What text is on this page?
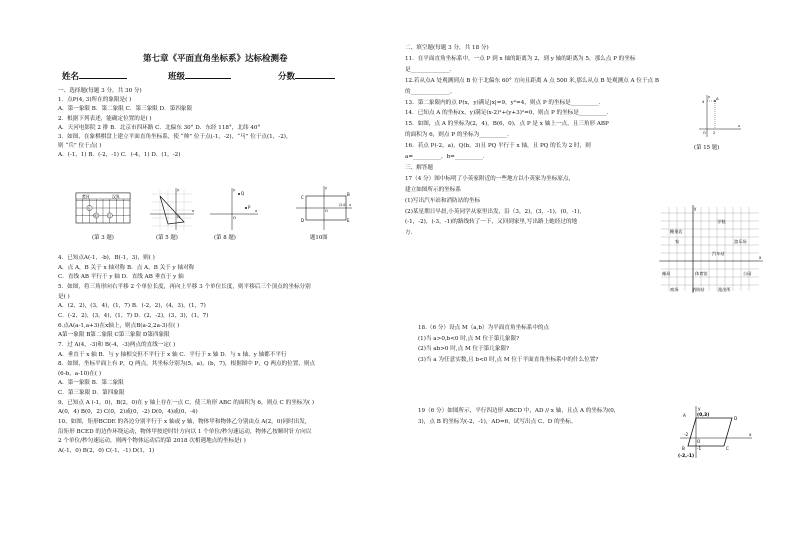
第七章《平面直角坐标系》达标检测卷
姓名	班级	分数
一、选择题(每题 3 分，共 30 分)
1．点P(4, 3)所在的象限是( )
A．第一象限 B．第二象限 C．第三象限 D．第四象限
2．根据下列表述，能确定位置的是( )
A．天河电影院 2 排 B．北京市四环路 C．北偏东 30° D．东经 118°，北纬 40°
3．如图，在象棋棋盘上建立平面直角坐标系，使 “帅” 位于点(-1，-2)，“马” 位于点(1，-2)，
则 “兵” 位于点( )
A．(-1，1) B．(-2，-1) C．(-4，1) D．(1，-2)
楚河	汉界
帅	马
兵
(第 3 题)
O
x
y
(第 5 题)
P
Q
O
x
y
(第 8 题)
C
D	E
B
(2,0)
O
y
x
题10图
4．已知点A(-1，-b)，B(-1，3)，则( )
A．点 A，B 关于 x 轴对称 B．点 A，B 关于 y 轴对称
C．直线 AB 平行于 y 轴 D．直线 AB 垂直于 y 轴
5．如图，将三角形向右平移 2 个单位长度，再向上平移 3 个单位长度，则平移后三个顶点的坐标分别
是( )
A．(2，2)，(3，4)，(1，7) B．(-2，2)，(4，3)，(1，7)
C．(-2，2)，(3，4)，(1，7) D．(2，-2)，(3，3)，(1，7)
6.点A(a-1,a+3)在x轴上，则点B(a-2,2a-3)在( )
A第一象限 B第二象限 C第三象限 D第四象限
7．过 A(4，-3)和 B(-4，-3)两点的直线一定( )
A．垂直于 x 轴 B．与 y 轴相交但不平行于 x 轴 C．平行于 x 轴 D．与 x 轴、y 轴都不平行
8．如图，坐标平面上有 P，Q 两点，其坐标分别为(5，a)，(b，7)，根据图中 P，Q 两点的位置，则点
(6-b，a-10)在( )
A．第一象限 B．第二象限
C．第三象限 D．第四象限
9、已知点 A (-1，0)，B(2，0)在 y 轴上存在一点 C，使三角形 ABC 的面积为 6，则点 C 的坐标为( )
A(0，4) B(0，2) C(0，2)或(0，-2) D(0，4)或(0，-4)
10、如图，矩形BCDE 的各边分别平行于 x 轴或 y 轴，物体甲和物体乙分别由点 A(2，0)同时出发，
沿矩形 BCED 的边作环绕运动，物体甲按逆时针方向以 1 个单位/秒匀速运动，物体乙按顺时针方向以
2 个单位/秒匀速运动，则两个物体运动后的第 2018 次相遇地点的坐标是( )
A(-1，0) B(2，0) C(-1，-1) D(1，1)
二、填空题(每题 3 分，共 18 分)
11．在平面直角坐标系中，一点 P 到 x 轴的距离为 2，到 y 轴的距离为 5，那么点 P 的坐标
是______________．
12.若从点A 处观测到点 B 位于北偏东 60° 方向且距离 A 点 500 米,那么从点 B 处观测点 A 位于点 B
的______________。
13．第二象限内的点 P(x，y)满足|x|=9，y²=4，则点 P 的坐标是__________．
14．已知点 A 的坐标(x，y)满足(x-2)²+(y+3)²=0，则点 P 的坐标是__________．
15．如图，点 A 的坐标为(2，4)，B(6，0)，点 P 是 x 轴上一点，且三角形 ABP
的面积为 6，则点 P 的坐标为__________．
16．若点 P(-2，a)，Q(b，3)且 PQ 平行于 x 轴，且 PQ 的长为 2 时，则
a=__________，b=__________．
三、解答题
17（4 分）图中标明了小英家附近的一些地方以小英家为坐标原点，
建立如图所示的坐标系
(1)写出汽车站和消防站的坐标
(2)某星期日早晨,小英同学从家里出发，沿（3，2)，(3，-1)，(0，-1)，
(-1，-2)，(-3，-1)的路线转了一下，又回到家里,写出路上她经过的地
方．
A
4
2
O
x
y
(第 15 题)
y
x
学校
糖果店
家	游乐场
汽车站
邮局	体育馆	公园
消防站	派出所
商场
18.（6 分）设点 M（a,b）为平面直角坐标系中的点
(1)当 a>0,b<0 时,点 M 位于第几象限?
(2)当 ab>0 时,点 M 位于第几象限?
(3)当 a 为任意实数,且 b<0 时,点 M 位于平面直角坐标系中的什么位置?
19（6 分）如图所示，平行四边形 ABCD 中，AD // x 轴，且点 A 的坐标为(0，
3)，点 B 的坐标为(-2，-1)，AD=6，试写出点 C、D 的坐标。
A (0,3)
D
C
B
-2
O
-1
(-2,-1)
x
y
